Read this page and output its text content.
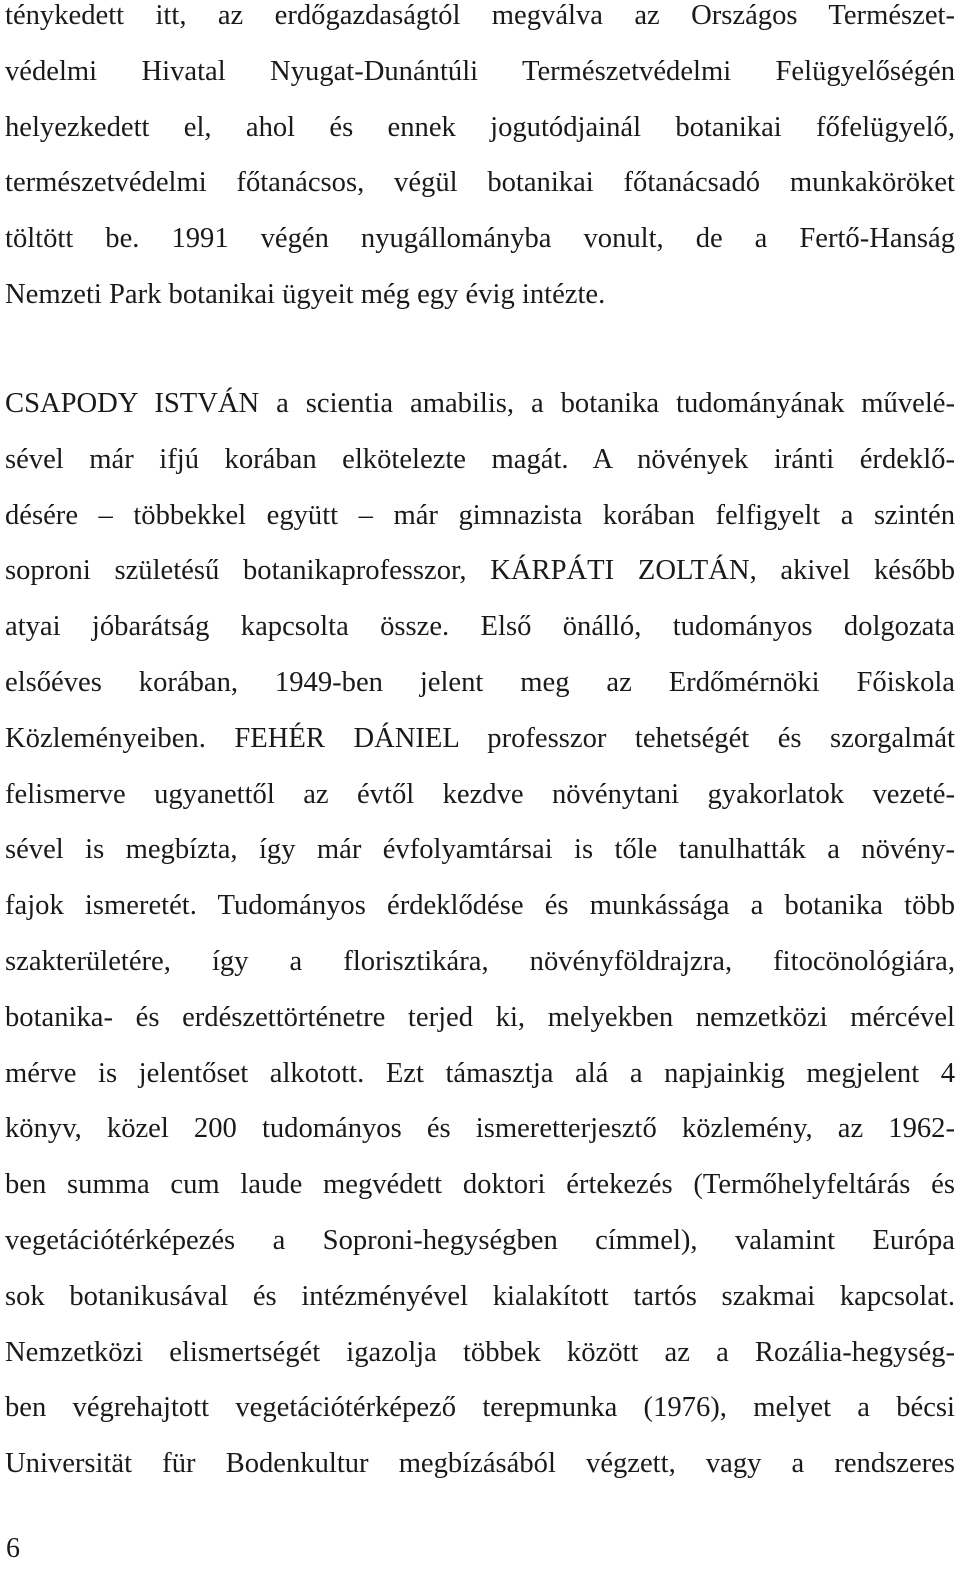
ténykedett itt, az erdőgazdaságtól megválva az Országos Természet-
védelmi Hivatal Nyugat-Dunántúli Természetvédelmi Felügyelőségén
helyezkedett el, ahol és ennek jogutódjainál botanikai főfelügyelő,
természetvédelmi főtanácsos, végül botanikai főtanácsadó munkaköröket
töltött be. 1991 végén nyugállományba vonult, de a Fertő-Hanság
Nemzeti Park botanikai ügyeit még egy évig intézte.

CSAPODY ISTVÁN a scientia amabilis, a botanika tudományának művelé-
sével már ifjú korában elkötelezte magát. A növények iránti érdeklő-
désére – többekkel együtt – már gimnazista korában felfigyelt a szintén
soproni születésű botanikaprofesszor, KÁRPÁTI ZOLTÁN, akivel később
atyai jóbarátság kapcsolta össze. Első önálló, tudományos dolgozata
elsőéves korában, 1949-ben jelent meg az Erdőmérnöki Főiskola
Közleményeiben. FEHÉR DÁNIEL professzor tehetségét és szorgalmát
felismerve ugyanettől az évtől kezdve növénytani gyakorlatok vezeté-
sével is megbízta, így már évfolyamtársai is tőle tanulhatták a növény-
fajok ismeretét. Tudományos érdeklődése és munkássága a botanika több
szakterületére, így a florisztikára, növényföldrajzra, fitocönológiára,
botanika- és erdészettörténetre terjed ki, melyekben nemzetközi mércével
mérve is jelentőset alkotott. Ezt támasztja alá a napjainkig megjelent 4
könyv, közel 200 tudományos és ismeretterjesztő közlemény, az 1962-
ben summa cum laude megvédett doktori értekezés (Termőhelyfeltárás és
vegetációtérképezés a Soproni-hegységben címmel), valamint Európa
sok botanikusával és intézményével kialakított tartós szakmai kapcsolat.
Nemzetközi elismertségét igazolja többek között az a Rozália-hegység-
ben végrehajtott vegetációtérképező terepmunka (1976), melyet a bécsi
Universität für Bodenkultur megbízásából végzett, vagy a rendszeres

6
